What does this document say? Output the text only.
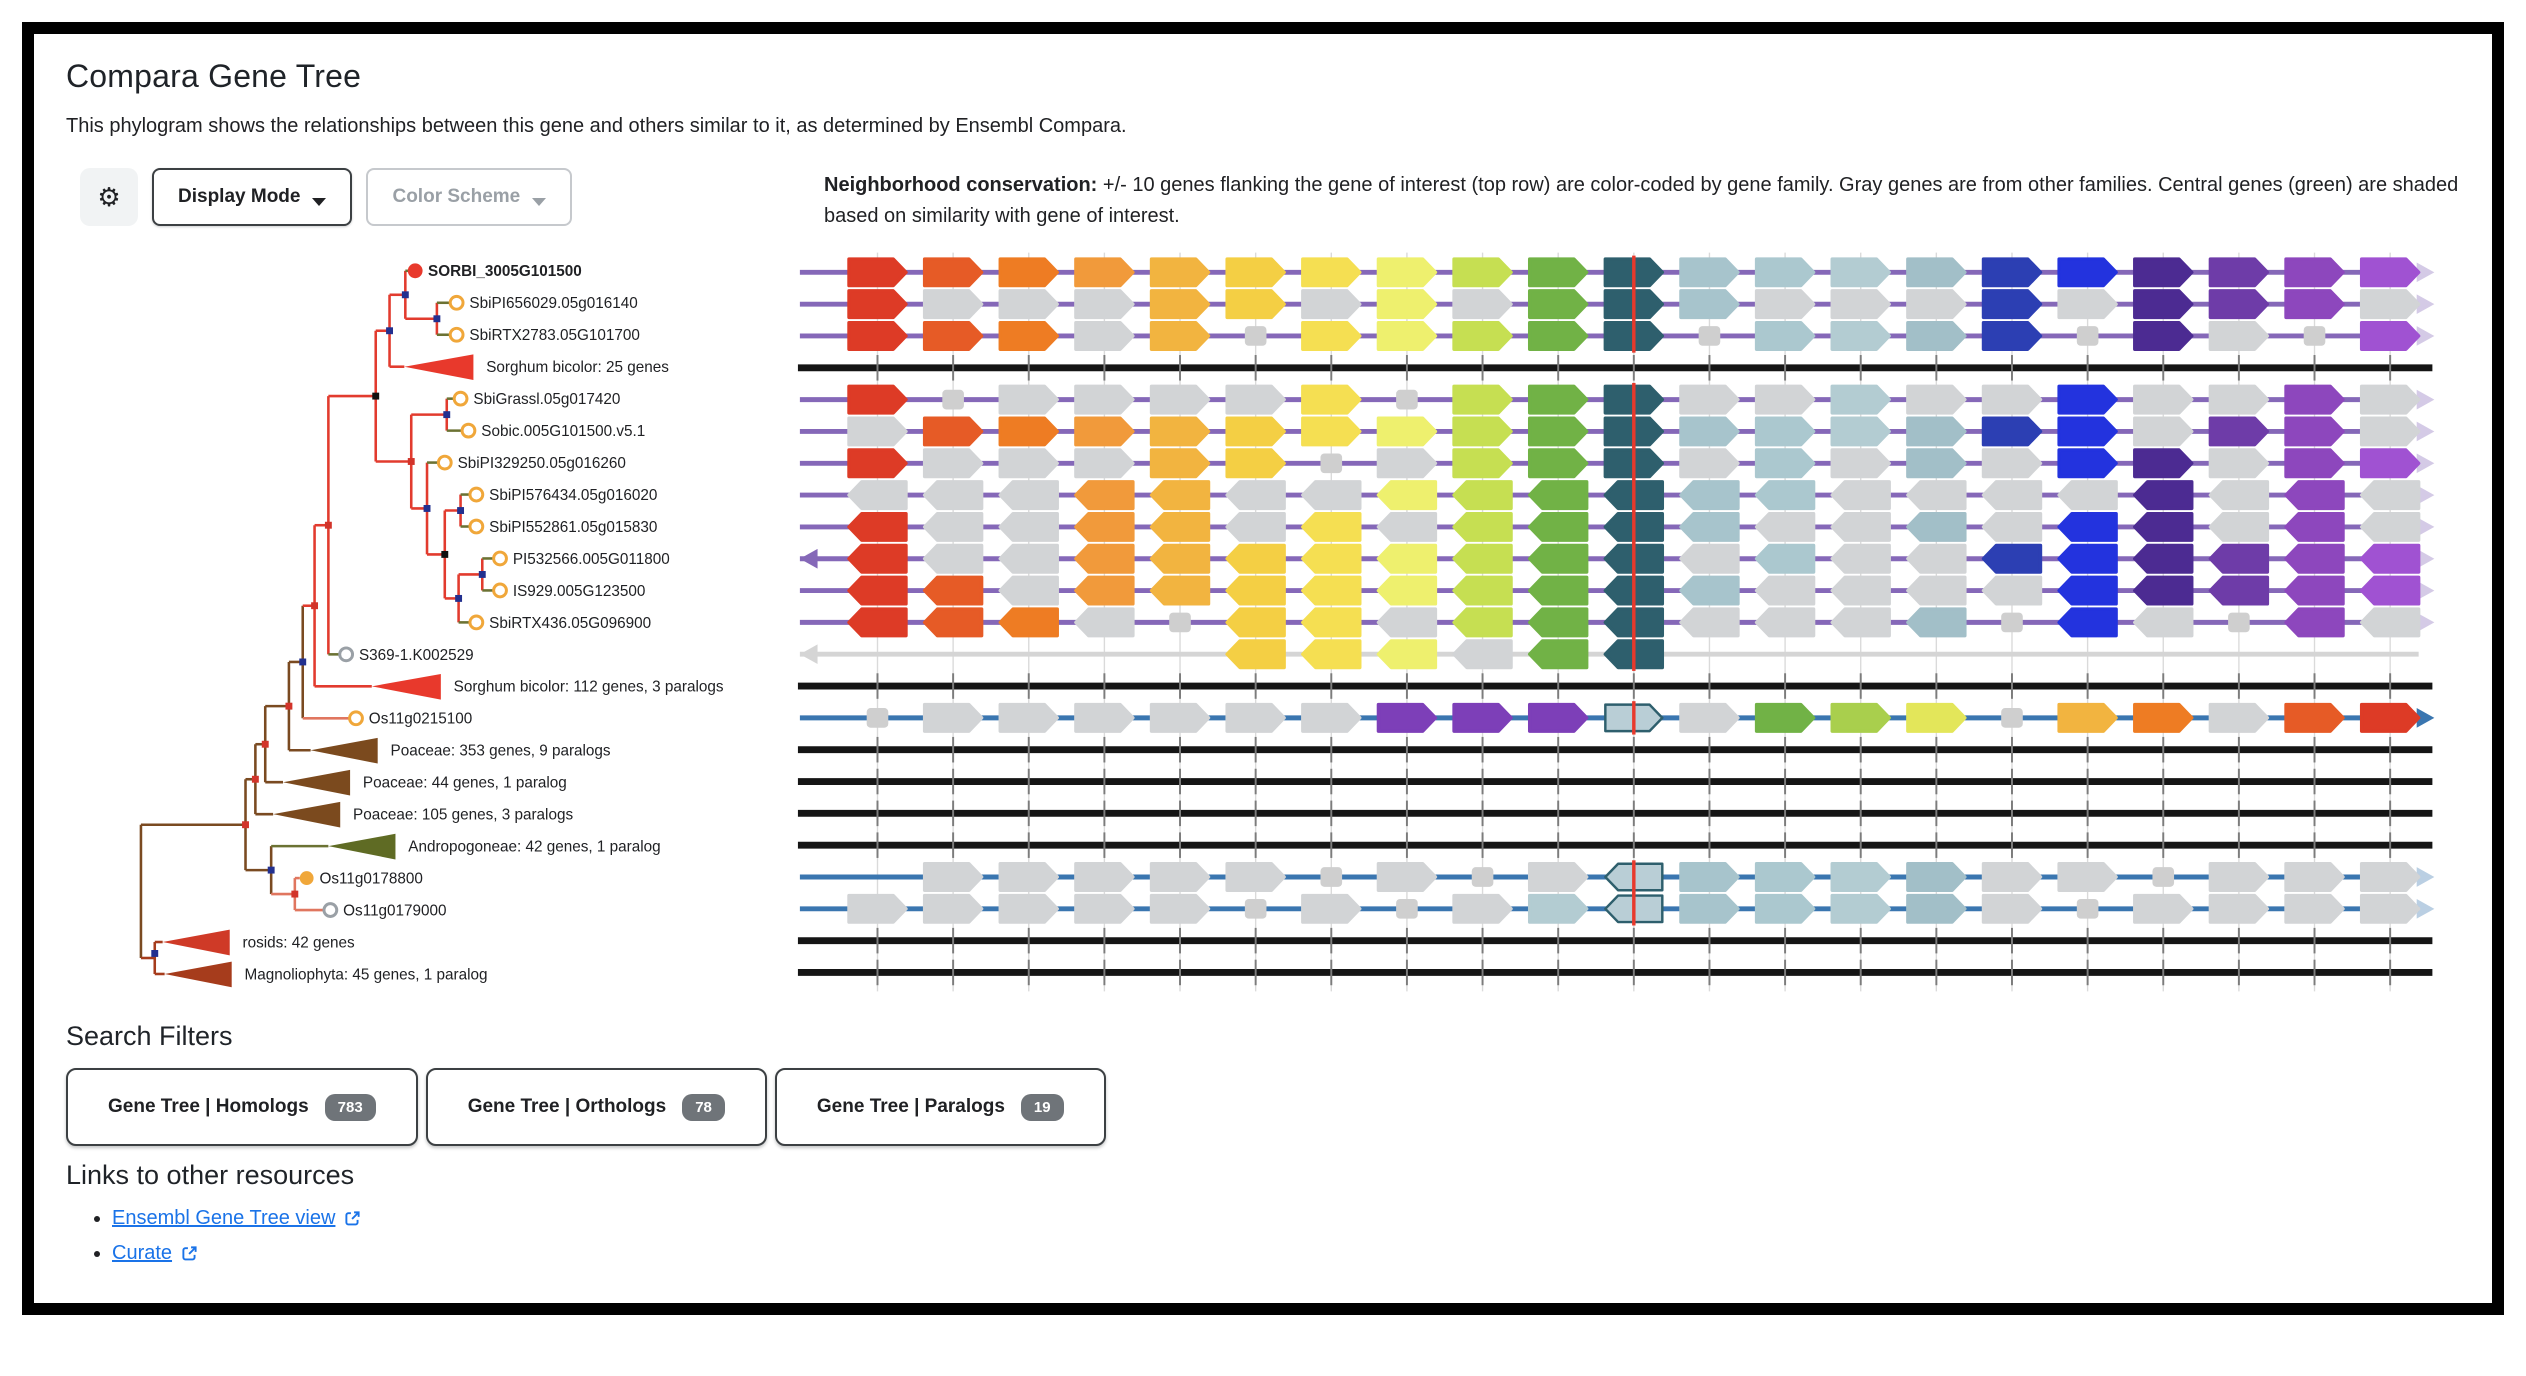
Compara Gene Tree

This phylogram shows the relationships between this gene and others similar to it, as determined by Ensembl Compara.

⚙	Display Mode	Color Scheme
Neighborhood conservation: +/- 10 genes flanking the gene of interest (top row) are color-coded by gene family. Gray genes are from other families. Central genes (green) are shaded based on similarity with gene of interest.
SORBI_3005G101500
SbiPI656029.05g016140
SbiRTX2783.05G101700
Sorghum bicolor: 25 genes
SbiGrassl.05g017420
Sobic.005G101500.v5.1
SbiPI329250.05g016260
SbiPI576434.05g016020
SbiPI552861.05g015830
PI532566.005G011800
IS929.005G123500
SbiRTX436.05G096900
S369-1.K002529
Sorghum bicolor: 112 genes, 3 paralogs
Os11g0215100
Poaceae: 353 genes, 9 paralogs
Poaceae: 44 genes, 1 paralog
Poaceae: 105 genes, 3 paralogs
Andropogoneae: 42 genes, 1 paralog
Os11g0178800
Os11g0179000
rosids: 42 genes
Magnoliophyta: 45 genes, 1 paralog
Search Filters
Gene Tree | Homologs	783	Gene Tree | Orthologs	78	Gene Tree | Paralogs	19
Links to other resources
• Ensembl Gene Tree view
• Curate
